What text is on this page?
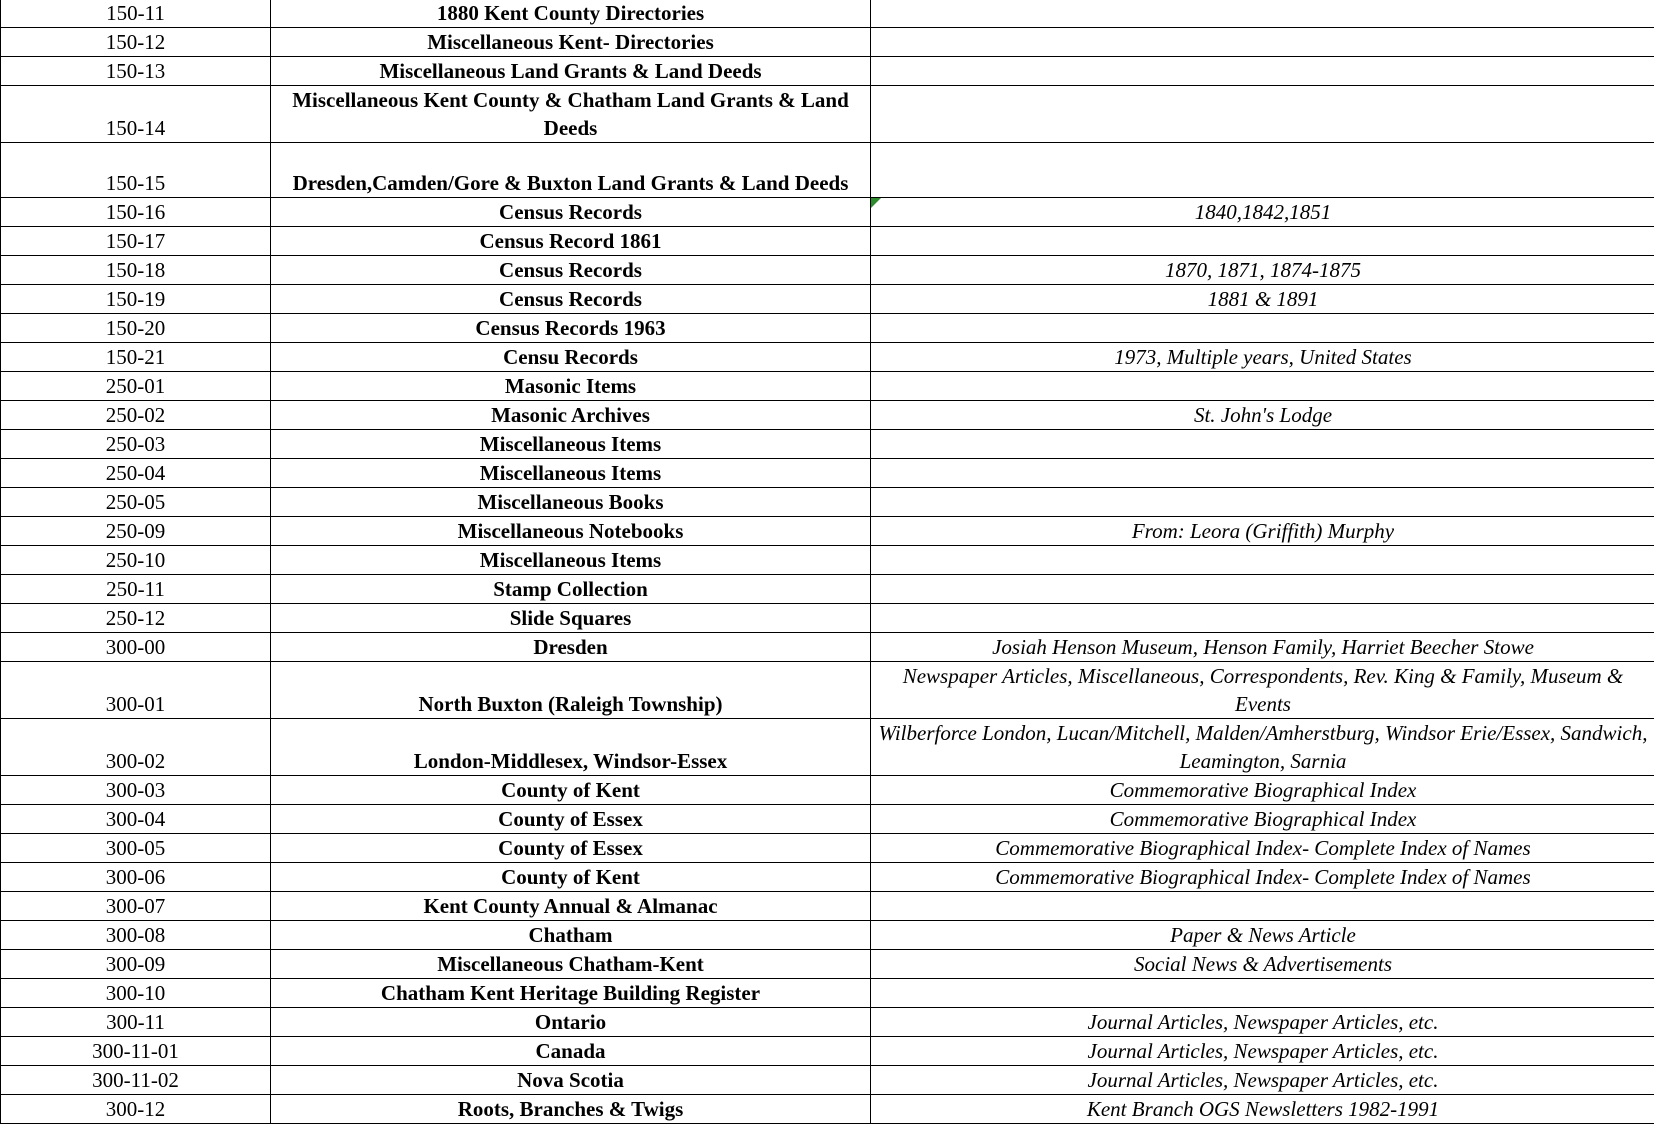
150-11	1880 Kent County Directories	
150-12	Miscellaneous Kent- Directories	
150-13	Miscellaneous Land Grants & Land Deeds	
150-14	Miscellaneous Kent County & Chatham Land Grants & Land Deeds	
150-15	Dresden,Camden/Gore & Buxton Land Grants & Land Deeds	
150-16	Census Records	1840,1842,1851
150-17	Census Record 1861	
150-18	Census Records	1870, 1871, 1874-1875
150-19	Census Records	1881 & 1891
150-20	Census Records 1963	
150-21	Censu Records	1973, Multiple years, United States
250-01	Masonic Items	
250-02	Masonic Archives	St. John's Lodge
250-03	Miscellaneous Items	
250-04	Miscellaneous Items	
250-05	Miscellaneous Books	
250-09	Miscellaneous Notebooks	From: Leora (Griffith) Murphy
250-10	Miscellaneous Items	
250-11	Stamp Collection	
250-12	Slide Squares	
300-00	Dresden	Josiah Henson Museum, Henson Family, Harriet Beecher Stowe
300-01	North Buxton (Raleigh Township)	Newspaper Articles, Miscellaneous, Correspondents, Rev. King & Family, Museum & Events
300-02	London-Middlesex, Windsor-Essex	Wilberforce London, Lucan/Mitchell, Malden/Amherstburg, Windsor Erie/Essex, Sandwich, Leamington, Sarnia
300-03	County of Kent	Commemorative Biographical Index
300-04	County of Essex	Commemorative Biographical Index
300-05	County of Essex	Commemorative Biographical Index- Complete Index of Names
300-06	County of Kent	Commemorative Biographical Index- Complete Index of Names
300-07	Kent County Annual & Almanac	
300-08	Chatham	Paper & News Article
300-09	Miscellaneous Chatham-Kent	Social News & Advertisements
300-10	Chatham Kent Heritage Building Register	
300-11	Ontario	Journal Articles, Newspaper Articles, etc.
300-11-01	Canada	Journal Articles, Newspaper Articles, etc.
300-11-02	Nova Scotia	Journal Articles, Newspaper Articles, etc.
300-12	Roots, Branches & Twigs	Kent Branch OGS Newsletters 1982-1991
